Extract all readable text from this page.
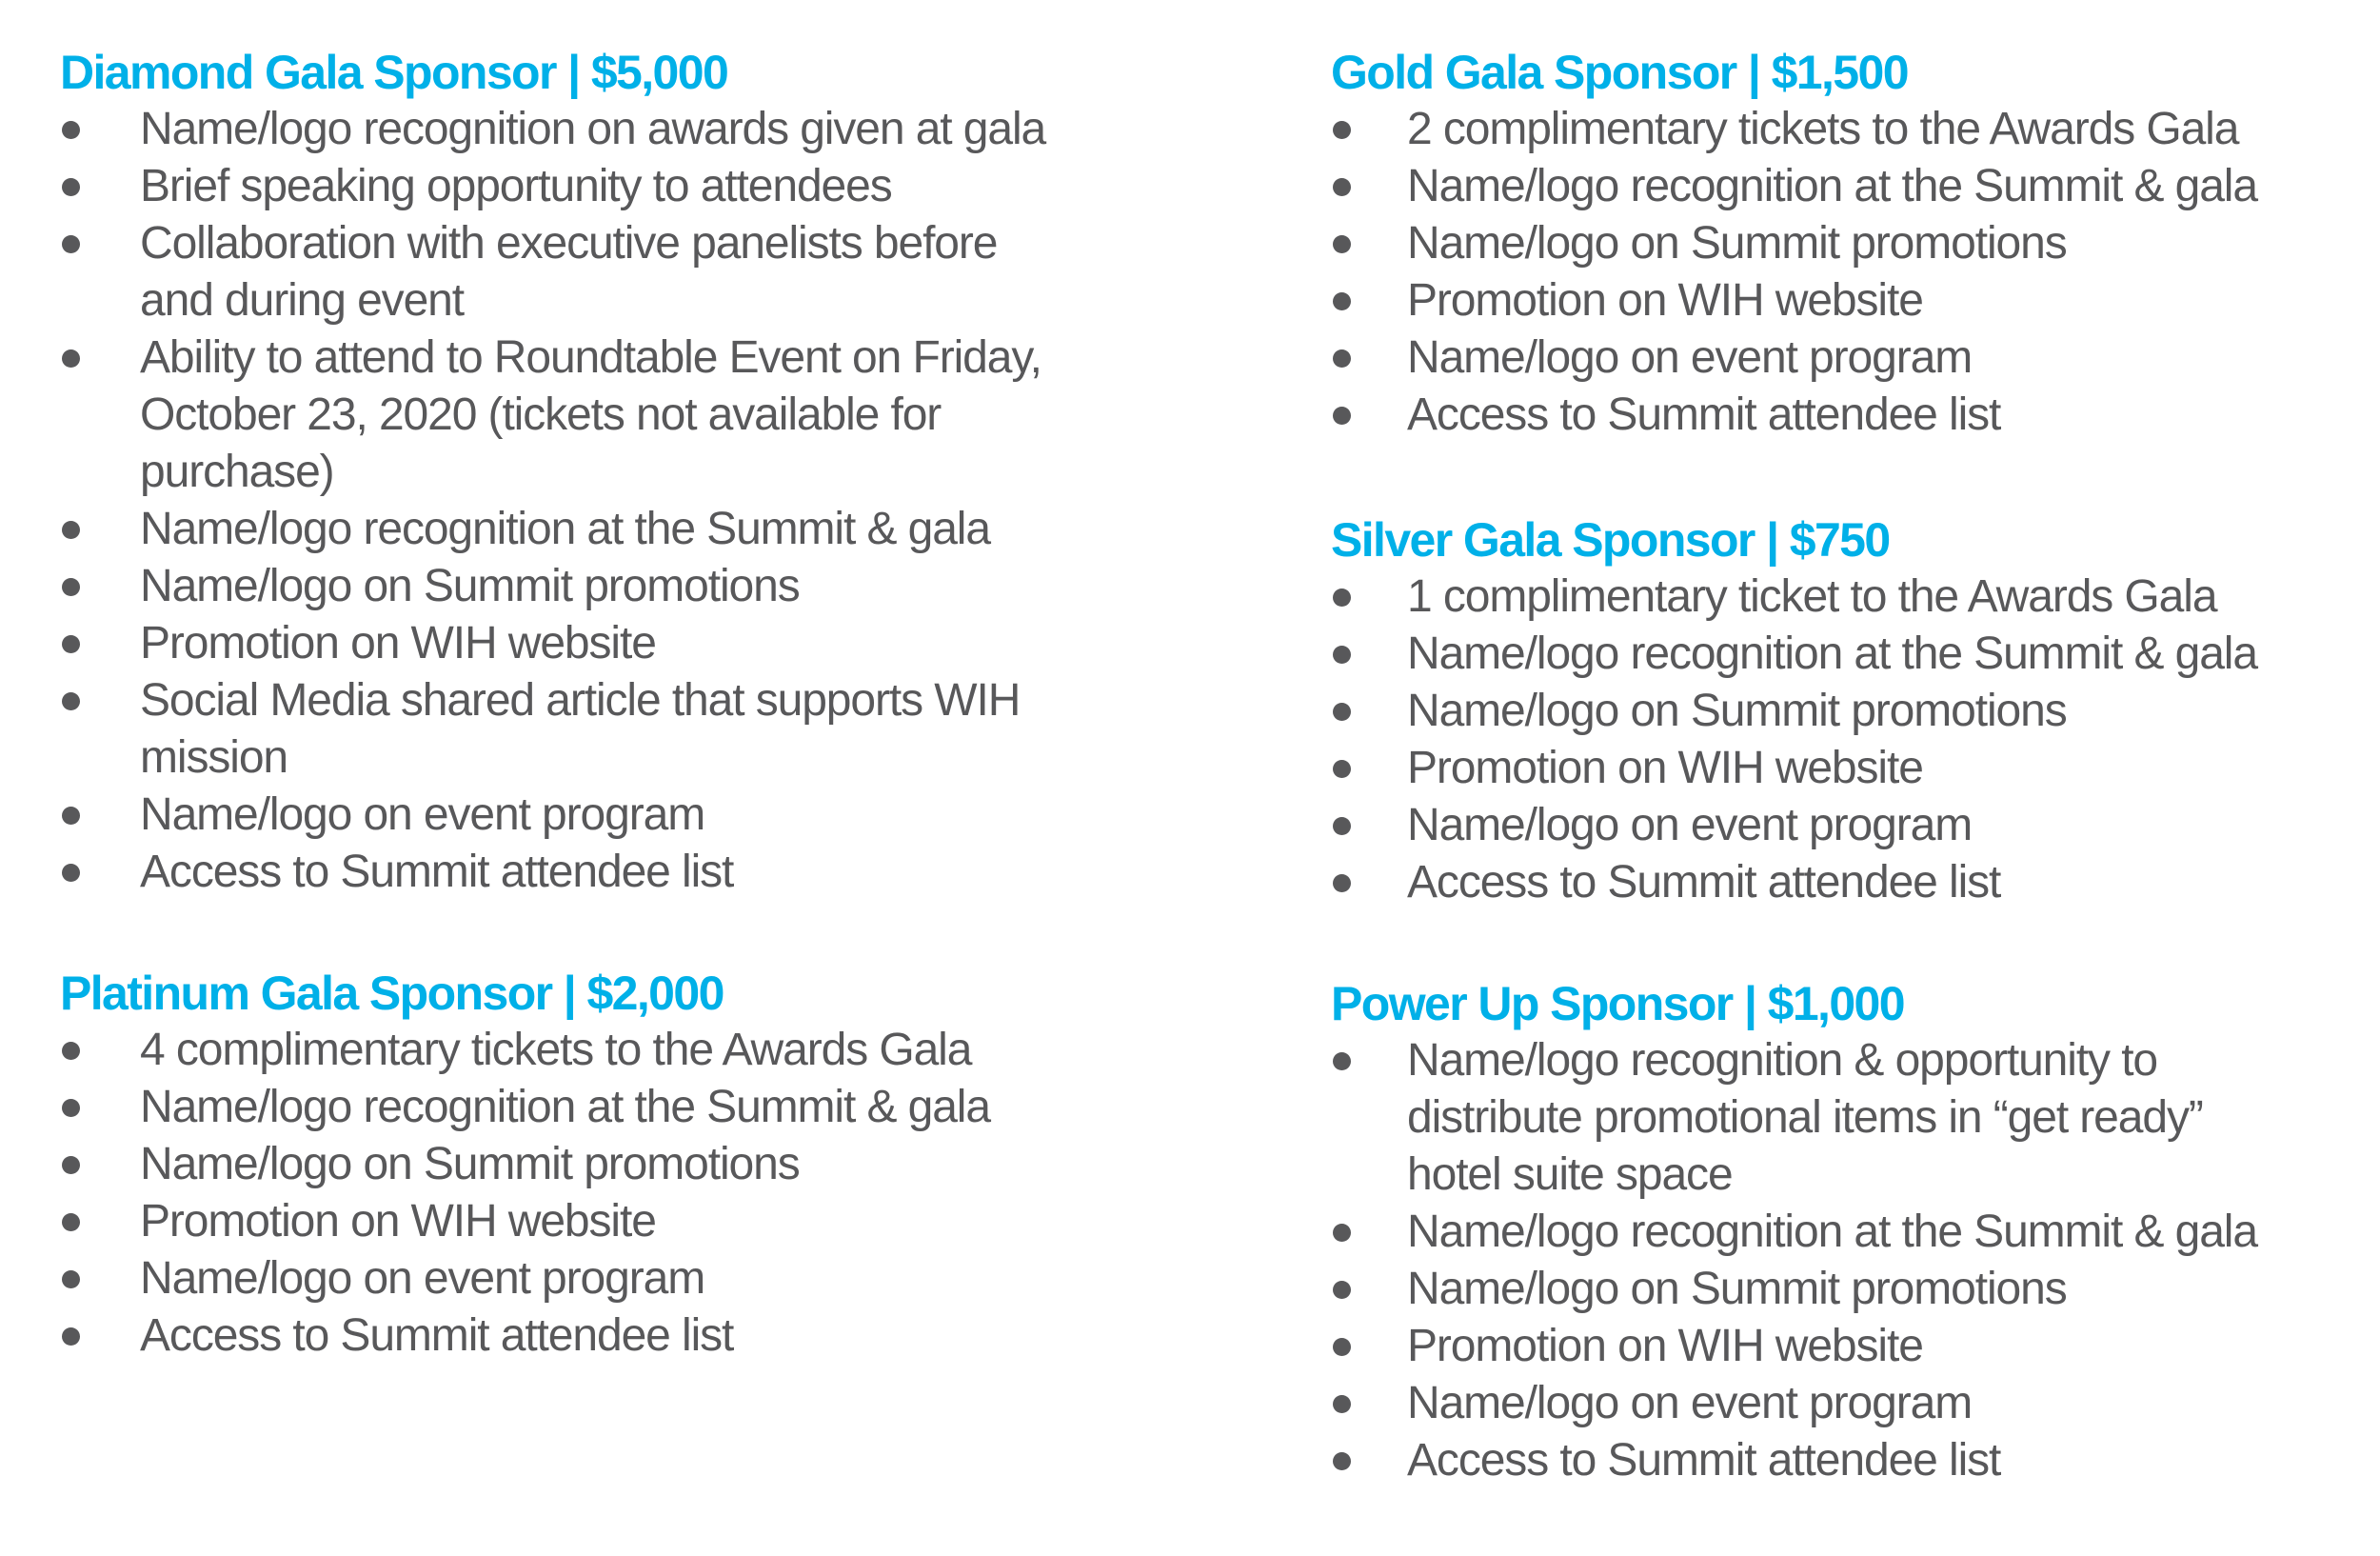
Diamond Gala Sponsor | $5,000
Name/logo recognition on awards given at gala
Brief speaking opportunity to attendees
Collaboration with executive panelists before
and during event
Ability to attend to Roundtable Event on Friday,
October 23, 2020 (tickets not available for
purchase)
Name/logo recognition at the Summit & gala
Name/logo on Summit promotions
Promotion on WIH website
Social Media shared article that supports WIH
mission
Name/logo on event program
Access to Summit attendee list
Platinum Gala Sponsor | $2,000
4 complimentary tickets to the Awards Gala
Name/logo recognition at the Summit & gala
Name/logo on Summit promotions
Promotion on WIH website
Name/logo on event program
Access to Summit attendee list
Gold Gala Sponsor | $1,500
2 complimentary tickets to the Awards Gala
Name/logo recognition at the Summit & gala
Name/logo on Summit promotions
Promotion on WIH website
Name/logo on event program
Access to Summit attendee list
Silver Gala Sponsor | $750
1 complimentary ticket to the Awards Gala
Name/logo recognition at the Summit & gala
Name/logo on Summit promotions
Promotion on WIH website
Name/logo on event program
Access to Summit attendee list
Power Up Sponsor | $1,000
Name/logo recognition & opportunity to
distribute promotional items in “get ready”
hotel suite space
Name/logo recognition at the Summit & gala
Name/logo on Summit promotions
Promotion on WIH website
Name/logo on event program
Access to Summit attendee list
